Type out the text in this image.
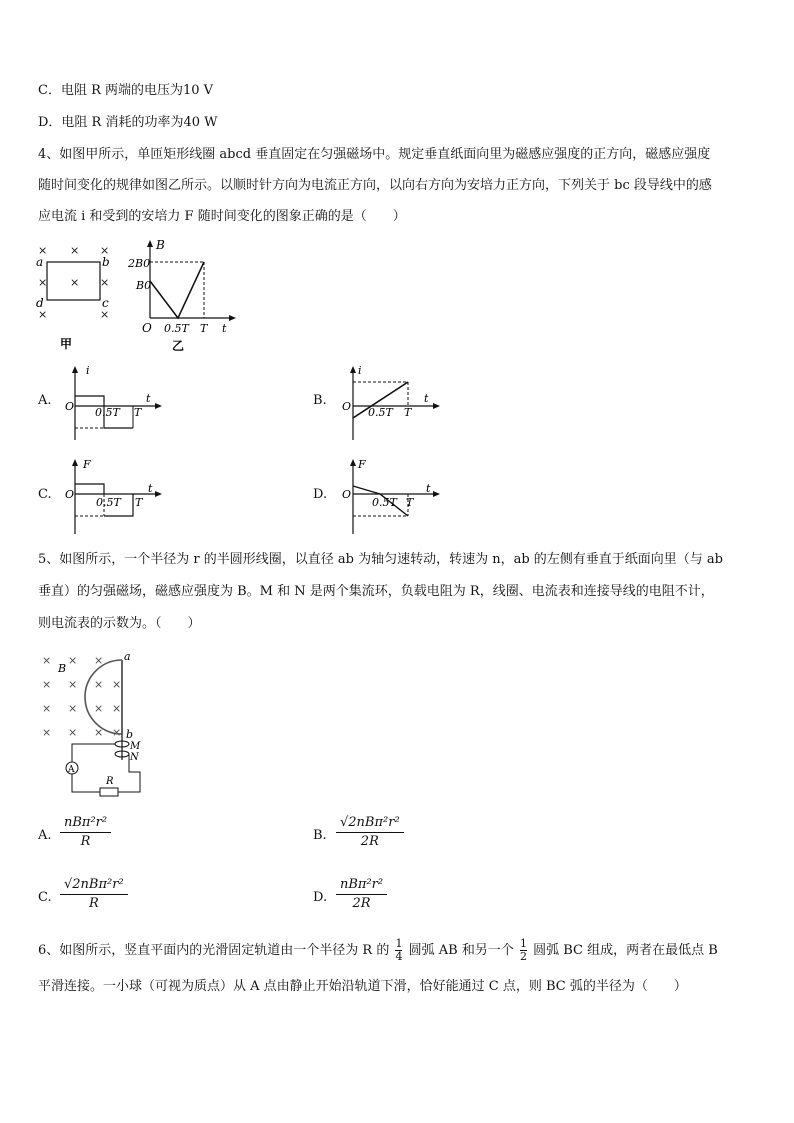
C．电阻 R 两端的电压为10 V
D．电阻 R 消耗的功率为40 W
4、如图甲所示，单匝矩形线圈 abcd 垂直固定在匀强磁场中。规定垂直纸面向里为磁感应强度的正方向，磁感应强度
随时间变化的规律如图乙所示。以顺时针方向为电流正方向，以向右方向为安培力正方向，下列关于 bc 段导线中的感
应电流 i 和受到的安培力 F 随时间变化的图象正确的是（　　）
× × ×
× × ×
×	×
a	b
c
d
甲
B
2B0
B0
O 0.5T T t
乙
A.
i
O
t
0.5T T
B.
i
O
t
0.5T T
C.
F
O	t
0.5T T
D.
F
O	t
0.5T T
5、如图所示，一个半径为 r 的半圆形线圈，以直径 ab 为轴匀速转动，转速为 n，ab 的左侧有垂直于纸面向里（与 ab
垂直）的匀强磁场，磁感应强度为 B。M 和 N 是两个集流环，负载电阻为 R，线圈、电流表和连接导线的电阻不计，
则电流表的示数为。（　　）
× × ×
× × × ×
× × × ×
× × × ×
B
a
b
M
N
A
R
A.
nBπ²r²
R	B.
√2nBπ²r²
2R
C.
√2nBπ²r²
R	D.
nBπ²r²
2R
6、如图所示，竖直平面内的光滑固定轨道由一个半径为 R 的 $\frac{1}{4}$ 圆弧 AB 和另一个 $\frac{1}{2}$ 圆弧 BC 组成，两者在最低点 B
平滑连接。一小球（可视为质点）从 A 点由静止开始沿轨道下滑，恰好能通过 C 点，则 BC 弧的半径为（　　）
